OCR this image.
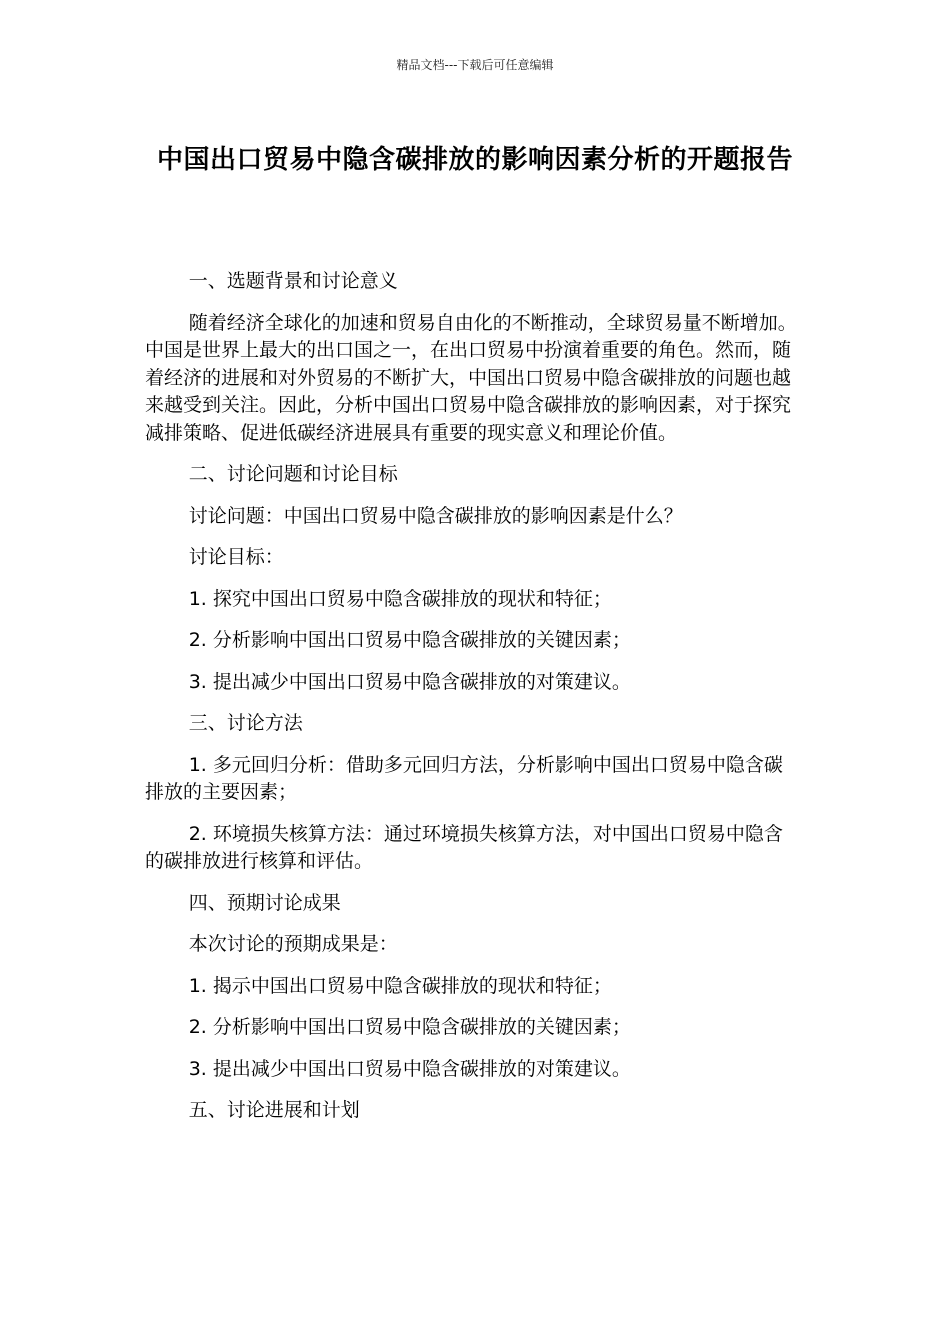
精品文档---下载后可任意编辑
中国出口贸易中隐含碳排放的影响因素分析的开题报告

一、选题背景和讨论意义

随着经济全球化的加速和贸易自由化的不断推动，全球贸易量不断增加。中国是世界上最大的出口国之一，在出口贸易中扮演着重要的角色。然而，随着经济的进展和对外贸易的不断扩大，中国出口贸易中隐含碳排放的问题也越来越受到关注。因此，分析中国出口贸易中隐含碳排放的影响因素，对于探究减排策略、促进低碳经济进展具有重要的现实意义和理论价值。

二、讨论问题和讨论目标

讨论问题：中国出口贸易中隐含碳排放的影响因素是什么？

讨论目标：

1. 探究中国出口贸易中隐含碳排放的现状和特征；

2. 分析影响中国出口贸易中隐含碳排放的关键因素；

3. 提出减少中国出口贸易中隐含碳排放的对策建议。

三、讨论方法

1. 多元回归分析：借助多元回归方法，分析影响中国出口贸易中隐含碳排放的主要因素；

2. 环境损失核算方法：通过环境损失核算方法，对中国出口贸易中隐含的碳排放进行核算和评估。

四、预期讨论成果

本次讨论的预期成果是：

1. 揭示中国出口贸易中隐含碳排放的现状和特征；

2. 分析影响中国出口贸易中隐含碳排放的关键因素；

3. 提出减少中国出口贸易中隐含碳排放的对策建议。

五、讨论进展和计划
